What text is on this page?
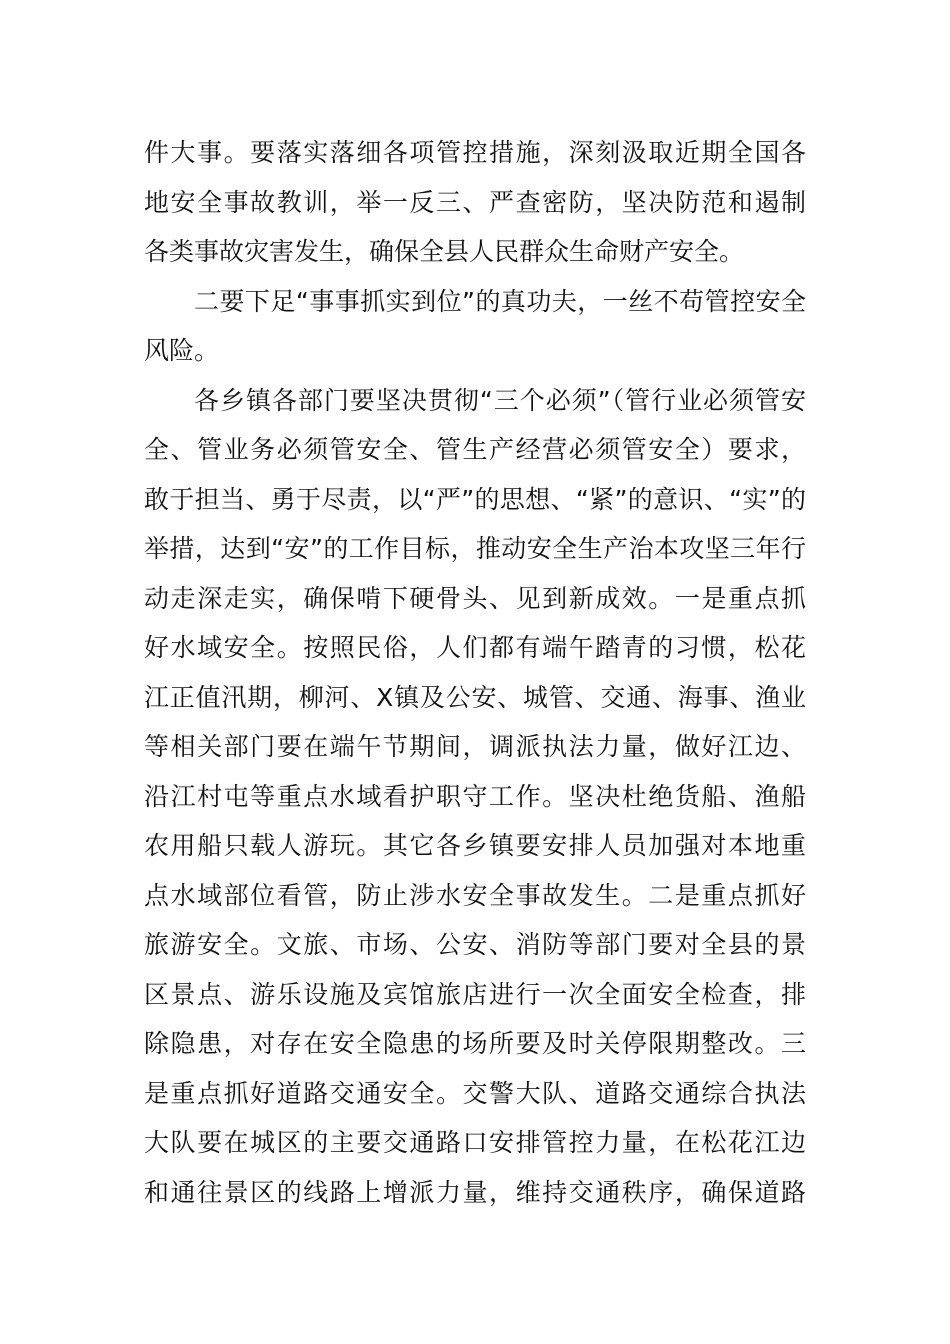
件大事。要落实落细各项管控措施，深刻汲取近期全国各
地安全事故教训，举一反三、严查密防，坚决防范和遏制
各类事故灾害发生，确保全县人民群众生命财产安全。
二要下足“事事抓实到位”的真功夫，一丝不苟管控安全
风险。
各乡镇各部门要坚决贯彻“三个必须”（管行业必须管安
全、管业务必须管安全、管生产经营必须管安全）要求，
敢于担当、勇于尽责，以“严”的思想、“紧”的意识、“实”的
举措，达到“安”的工作目标，推动安全生产治本攻坚三年行
动走深走实，确保啃下硬骨头、见到新成效。一是重点抓
好水域安全。按照民俗，人们都有端午踏青的习惯，松花
江正值汛期，柳河、X镇及公安、城管、交通、海事、渔业
等相关部门要在端午节期间，调派执法力量，做好江边、
沿江村屯等重点水域看护职守工作。坚决杜绝货船、渔船
农用船只载人游玩。其它各乡镇要安排人员加强对本地重
点水域部位看管，防止涉水安全事故发生。二是重点抓好
旅游安全。文旅、市场、公安、消防等部门要对全县的景
区景点、游乐设施及宾馆旅店进行一次全面安全检查，排
除隐患，对存在安全隐患的场所要及时关停限期整改。三
是重点抓好道路交通安全。交警大队、道路交通综合执法
大队要在城区的主要交通路口安排管控力量，在松花江边
和通往景区的线路上增派力量，维持交通秩序，确保道路
